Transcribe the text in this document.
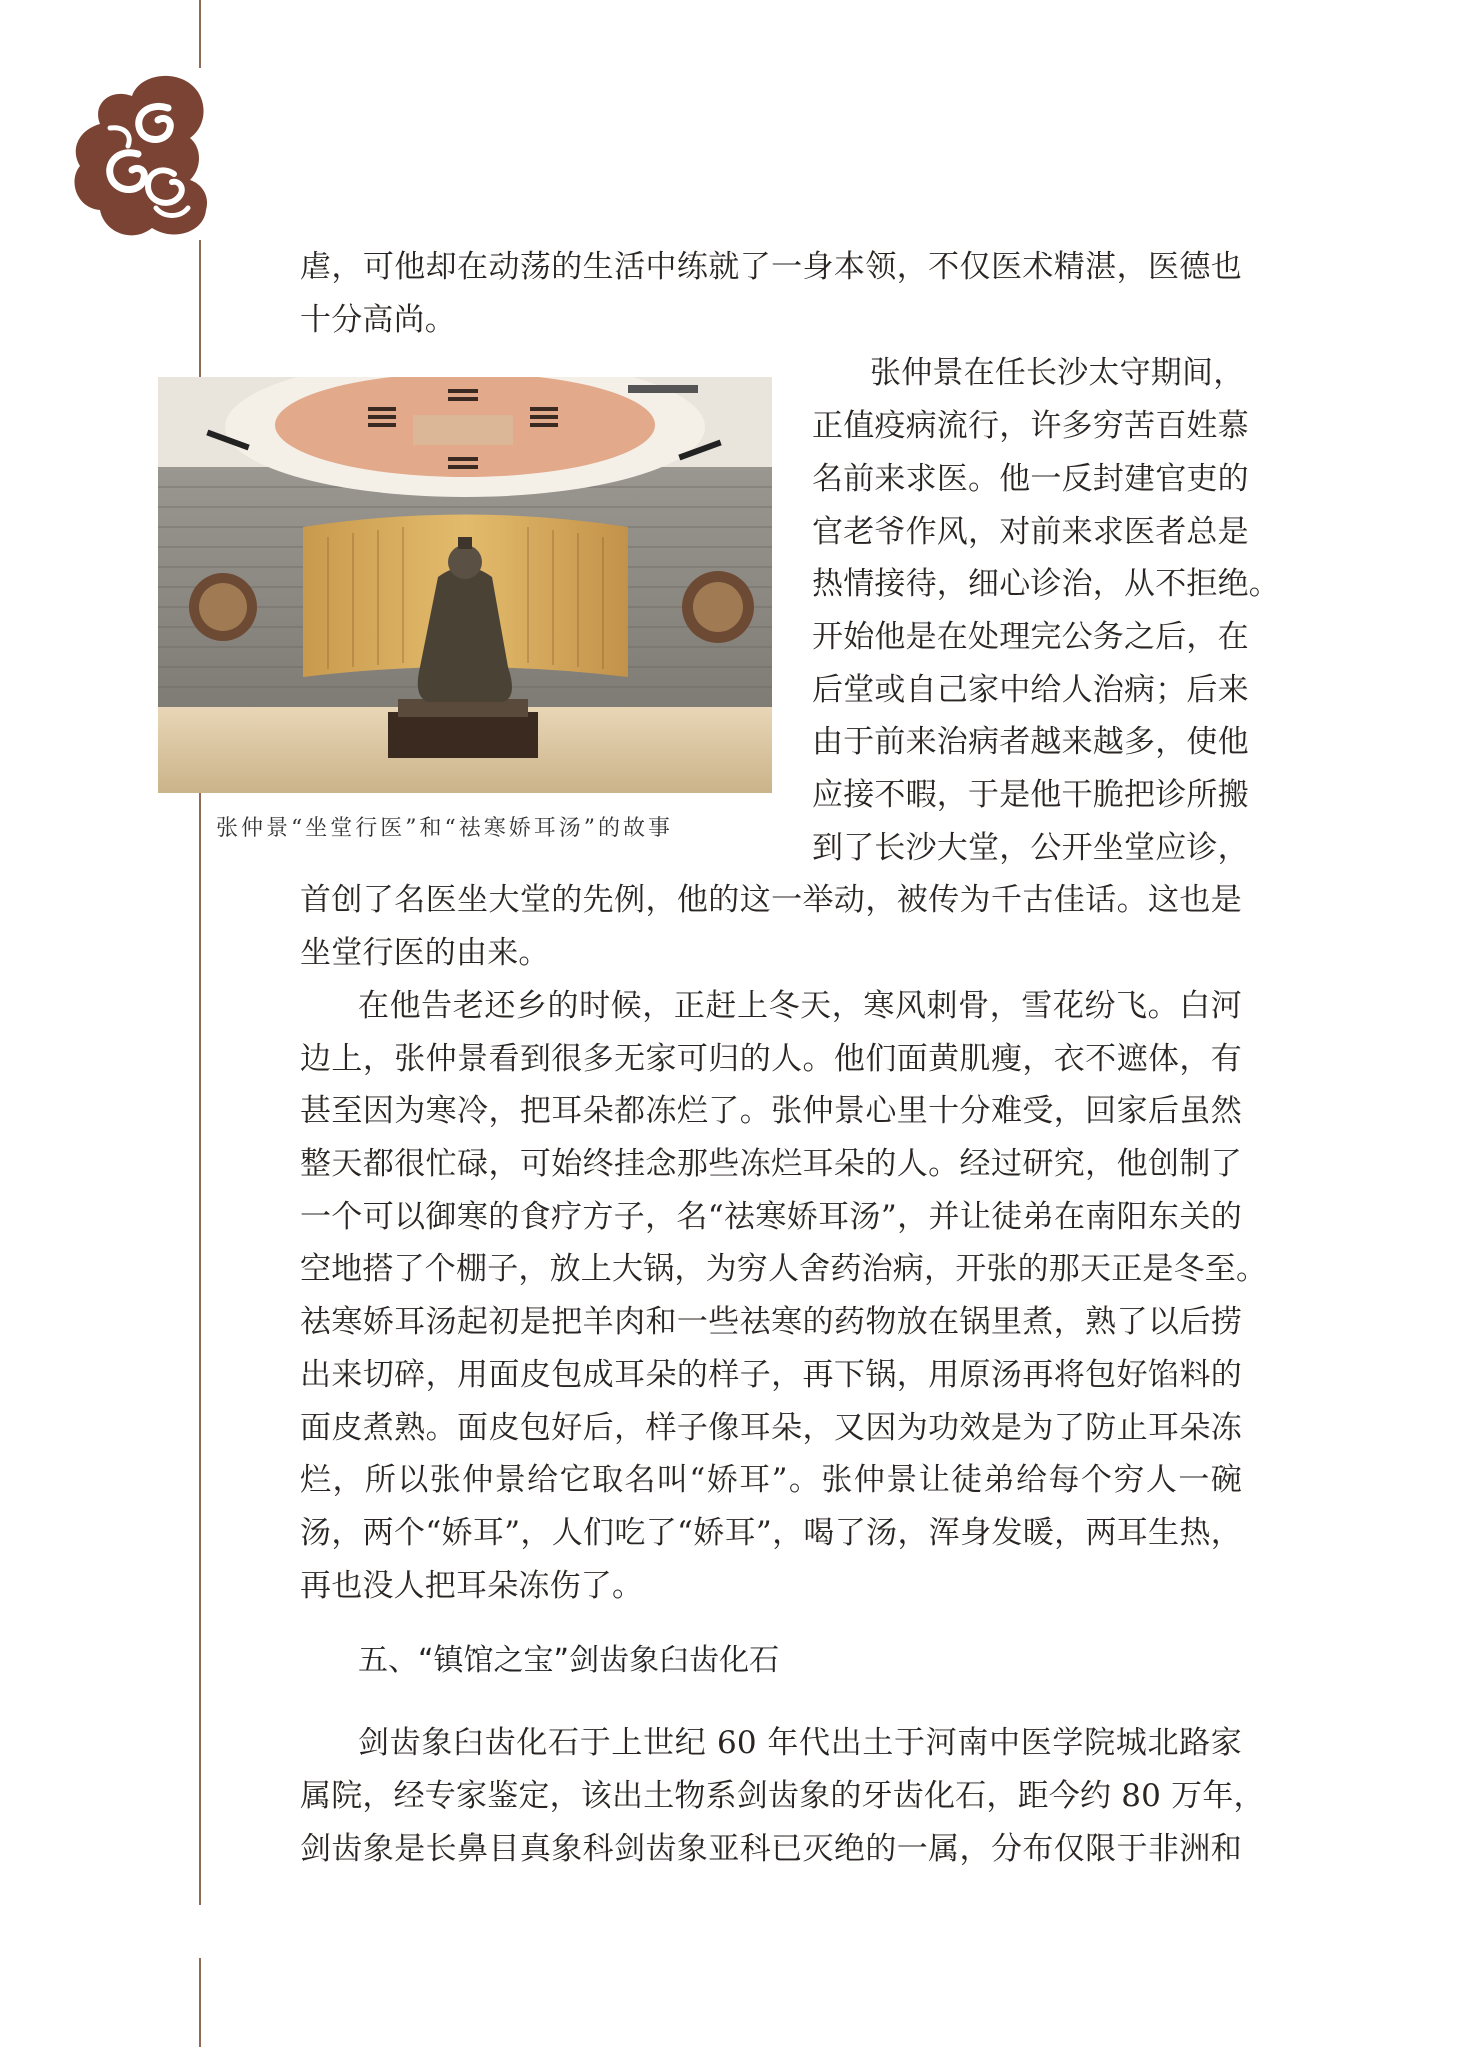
虐，可他却在动荡的生活中练就了一身本领，不仅医术精湛，医德也
十分高尚。
张仲景在任长沙太守期间，
正值疫病流行，许多穷苦百姓慕
名前来求医。他一反封建官吏的
官老爷作风，对前来求医者总是
热情接待，细心诊治，从不拒绝。
开始他是在处理完公务之后，在
后堂或自己家中给人治病；后来
由于前来治病者越来越多，使他
应接不暇，于是他干脆把诊所搬
到了长沙大堂，公开坐堂应诊，
张仲景“坐堂行医”和“祛寒娇耳汤”的故事
首创了名医坐大堂的先例，他的这一举动，被传为千古佳话。这也是
坐堂行医的由来。
在他告老还乡的时候，正赶上冬天，寒风刺骨，雪花纷飞。白河
边上，张仲景看到很多无家可归的人。他们面黄肌瘦，衣不遮体，有
甚至因为寒冷，把耳朵都冻烂了。张仲景心里十分难受，回家后虽然
整天都很忙碌，可始终挂念那些冻烂耳朵的人。经过研究，他创制了
一个可以御寒的食疗方子，名“祛寒娇耳汤”，并让徒弟在南阳东关的
空地搭了个棚子，放上大锅，为穷人舍药治病，开张的那天正是冬至。
祛寒娇耳汤起初是把羊肉和一些祛寒的药物放在锅里煮，熟了以后捞
出来切碎，用面皮包成耳朵的样子，再下锅，用原汤再将包好馅料的
面皮煮熟。面皮包好后，样子像耳朵，又因为功效是为了防止耳朵冻
烂，所以张仲景给它取名叫“娇耳”。张仲景让徒弟给每个穷人一碗
汤，两个“娇耳”，人们吃了“娇耳”，喝了汤，浑身发暖，两耳生热，
再也没人把耳朵冻伤了。
五、“镇馆之宝”剑齿象臼齿化石
剑齿象臼齿化石于上世纪 60 年代出土于河南中医学院城北路家
属院，经专家鉴定，该出土物系剑齿象的牙齿化石，距今约 80 万年，
剑齿象是长鼻目真象科剑齿象亚科已灭绝的一属，分布仅限于非洲和
